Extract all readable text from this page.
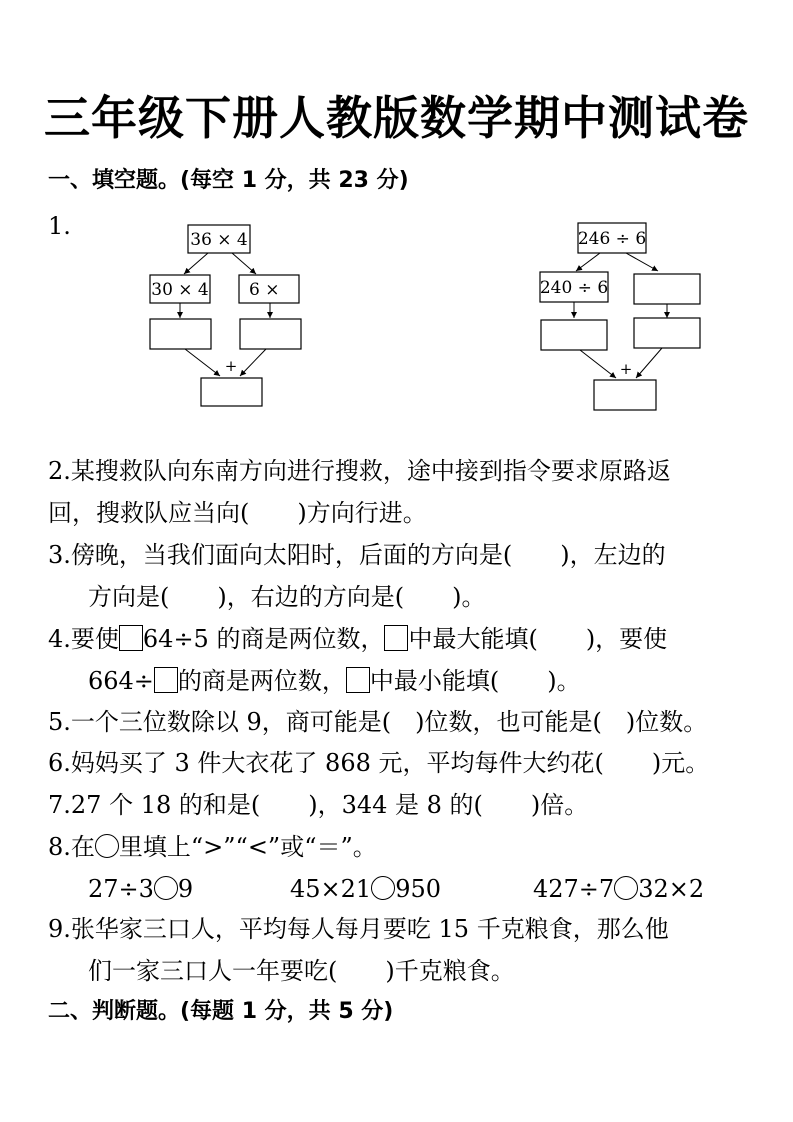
三年级下册人教版数学期中测试卷
一、填空题。(每空 1 分，共 23 分)
1.	36 × 4
30 × 4 6 ×
+
246 ÷ 6
240 ÷ 6
+
2.某搜救队向东南方向进行搜救，途中接到指令要求原路返
回，搜救队应当向(　　)方向行进。
3.傍晚，当我们面向太阳时，后面的方向是(　　)，左边的
方向是(　　)，右边的方向是(　　)。
4.要使 64÷5 的商是两位数， 中最大能填(　　)，要使
664÷ 的商是两位数， 中最小能填(　　)。
5.一个三位数除以 9，商可能是(　)位数，也可能是(　)位数。
6.妈妈买了 3 件大衣花了 868 元，平均每件大约花(　　)元。
7.27 个 18 的和是(　　)，344 是 8 的(　　)倍。
8.在 里填上“>”“<”或“＝”。
27÷3 9	45×21 950	427÷7 32×2
9.张华家三口人，平均每人每月要吃 15 千克粮食，那么他
们一家三口人一年要吃(　　)千克粮食。
二、判断题。(每题 1 分，共 5 分)
